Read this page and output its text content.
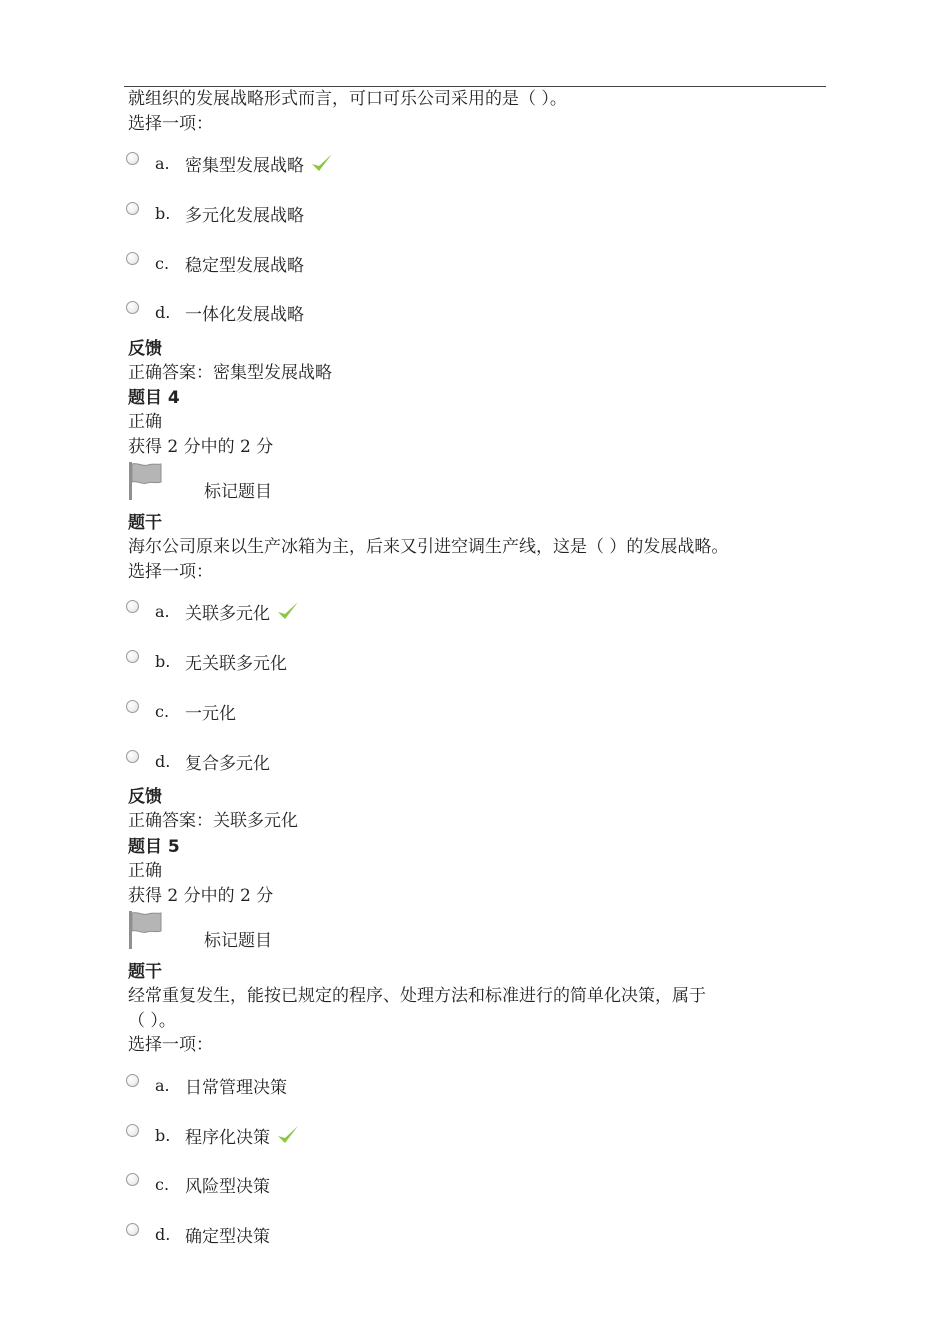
就组织的发展战略形式而言，可口可乐公司采用的是（ ）。
选择一项：
a. 密集型发展战略
b. 多元化发展战略
c. 稳定型发展战略
d. 一体化发展战略
反馈
正确答案：密集型发展战略
题目 4
正确
获得 2 分中的 2 分
标记题目
题干
海尔公司原来以生产冰箱为主，后来又引进空调生产线，这是（ ）的发展战略。
选择一项：
a. 关联多元化
b. 无关联多元化
c. 一元化
d. 复合多元化
反馈
正确答案：关联多元化
题目 5
正确
获得 2 分中的 2 分
标记题目
题干
经常重复发生，能按已规定的程序、处理方法和标准进行的简单化决策，属于
（ ）。
选择一项：
a. 日常管理决策
b. 程序化决策
c. 风险型决策
d. 确定型决策
